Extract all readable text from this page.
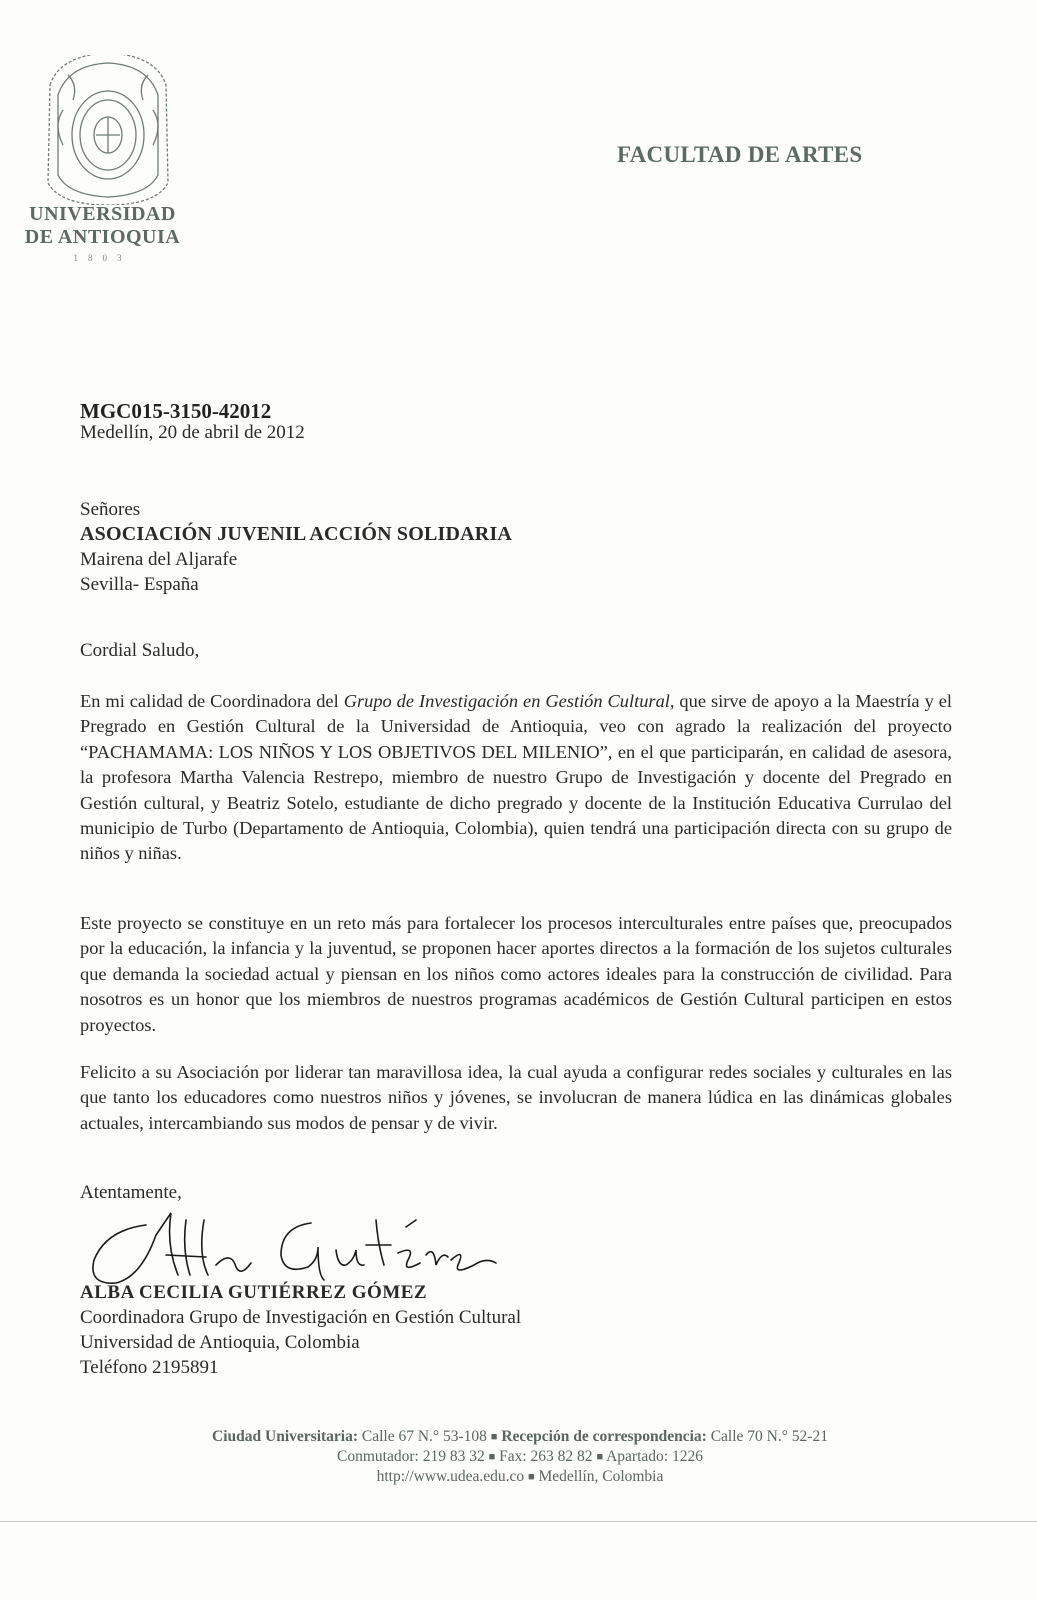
UNIVERSIDAD
DE ANTIOQUIA
1803
FACULTAD DE ARTES
MGC015-3150-42012
Medellín, 20 de abril de 2012
Señores
ASOCIACIÓN JUVENIL ACCIÓN SOLIDARIA
Mairena del Aljarafe
Sevilla- España
Cordial Saludo,
En mi calidad de Coordinadora del Grupo de Investigación en Gestión Cultural, que sirve de apoyo a la Maestría y el Pregrado en Gestión Cultural de la Universidad de Antioquia, veo con agrado la realización del proyecto “PACHAMAMA: LOS NIÑOS Y LOS OBJETIVOS DEL MILENIO”, en el que participarán, en calidad de asesora, la profesora Martha Valencia Restrepo, miembro de nuestro Grupo de Investigación y docente del Pregrado en Gestión cultural, y Beatriz Sotelo, estudiante de dicho pregrado y docente de la Institución Educativa Currulao del municipio de Turbo (Departamento de Antioquia, Colombia), quien tendrá una participación directa con su grupo de niños y niñas.
Este proyecto se constituye en un reto más para fortalecer los procesos interculturales entre países que, preocupados por la educación, la infancia y la juventud, se proponen hacer aportes directos a la formación de los sujetos culturales que demanda la sociedad actual y piensan en los niños como actores ideales para la construcción de civilidad. Para nosotros es un honor que los miembros de nuestros programas académicos de Gestión Cultural participen en estos proyectos.
Felicito a su Asociación por liderar tan maravillosa idea, la cual ayuda a configurar redes sociales y culturales en las que tanto los educadores como nuestros niños y jóvenes, se involucran de manera lúdica en las dinámicas globales actuales, intercambiando sus modos de pensar y de vivir.
Atentamente,
ALBA CECILIA GUTIÉRREZ GÓMEZ
Coordinadora Grupo de Investigación en Gestión Cultural
Universidad de Antioquia, Colombia
Teléfono 2195891
Ciudad Universitaria: Calle 67 N.° 53-108 ■ Recepción de correspondencia: Calle 70 N.° 52-21
Conmutador: 219 83 32 ■ Fax: 263 82 82 ■ Apartado: 1226
http://www.udea.edu.co ■ Medellín, Colombia
